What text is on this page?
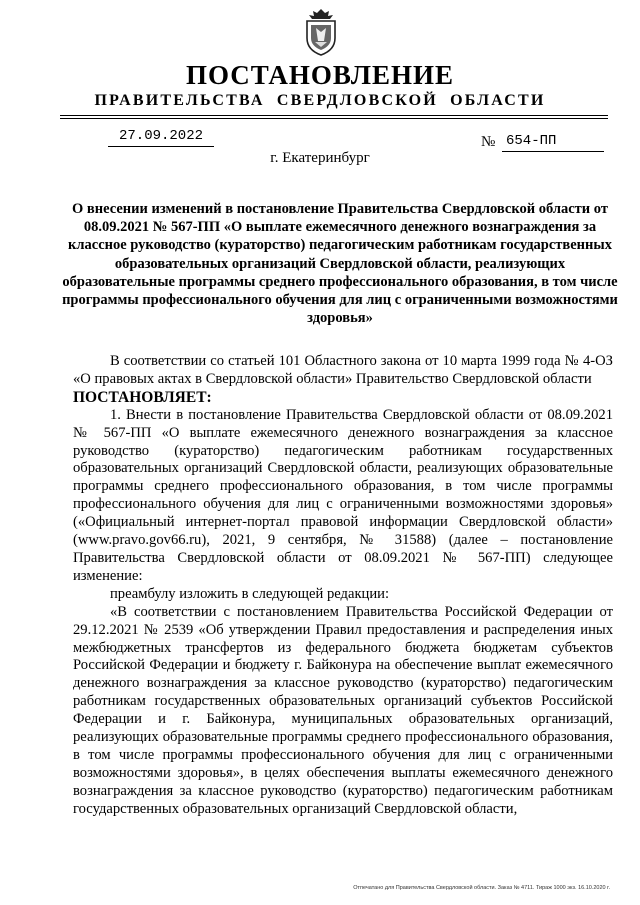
ПОСТАНОВЛЕНИЕ
ПРАВИТЕЛЬСТВА СВЕРДЛОВСКОЙ ОБЛАСТИ
27.09.2022	№ 654-ПП
г. Екатеринбург
О внесении изменений в постановление Правительства Свердловской области от 08.09.2021 № 567-ПП «О выплате ежемесячного денежного вознаграждения за классное руководство (кураторство) педагогическим работникам государственных образовательных организаций Свердловской области, реализующих образовательные программы среднего профессионального образования, в том числе программы профессионального обучения для лиц с ограниченными возможностями здоровья»

В соответствии со статьей 101 Областного закона от 10 марта 1999 года № 4-ОЗ «О правовых актах в Свердловской области» Правительство Свердловской области

ПОСТАНОВЛЯЕТ:

1. Внести в постановление Правительства Свердловской области от 08.09.2021 № 567-ПП «О выплате ежемесячного денежного вознаграждения за классное руководство (кураторство) педагогическим работникам государственных образовательных организаций Свердловской области, реализующих образовательные программы среднего профессионального образования, в том числе программы профессионального обучения для лиц с ограниченными возможностями здоровья» («Официальный интернет-портал правовой информации Свердловской области» (www.pravo.gov66.ru), 2021, 9 сентября, № 31588) (далее – постановление Правительства Свердловской области от 08.09.2021 № 567-ПП) следующее изменение:

преамбулу изложить в следующей редакции:

«В соответствии с постановлением Правительства Российской Федерации от 29.12.2021 № 2539 «Об утверждении Правил предоставления и распределения иных межбюджетных трансфертов из федерального бюджета бюджетам субъектов Российской Федерации и бюджету г. Байконура на обеспечение выплат ежемесячного денежного вознаграждения за классное руководство (кураторство) педагогическим работникам государственных образовательных организаций субъектов Российской Федерации и г. Байконура, муниципальных образовательных организаций, реализующих образовательные программы среднего профессионального образования, в том числе программы профессионального обучения для лиц с ограниченными возможностями здоровья», в целях обеспечения выплаты ежемесячного денежного вознаграждения за классное руководство (кураторство) педагогическим работникам государственных образовательных организаций Свердловской области,

Отпечатано для Правительства Свердловской области. Заказ № 4711. Тираж 1000 экз. 16.10.2020 г.
